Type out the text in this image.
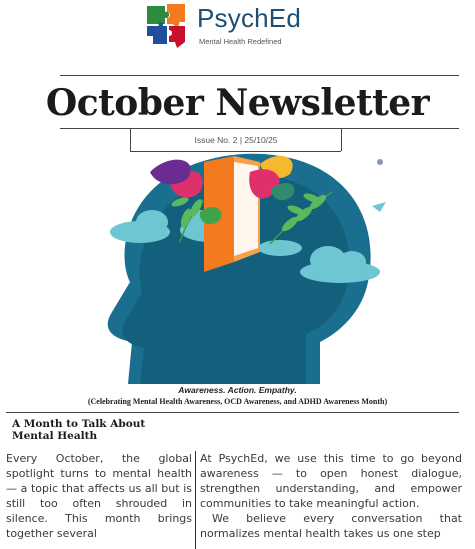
PsychEd
Mental Health Redefined
October Newsletter
Issue No. 2 | 25/10/25
Awareness. Action. Empathy.
(Celebrating Mental Health Awareness, OCD Awareness, and ADHD Awareness Month)
A Month to Talk About Mental Health

Every October, the global spotlight turns to mental health — a topic that affects us all but is still too often shrouded in silence. This month brings together several

At PsychEd, we use this time to go beyond awareness — to open honest dialogue, strengthen understanding, and empower communities to take meaningful action.

We believe every conversation that normalizes mental health takes us one step
